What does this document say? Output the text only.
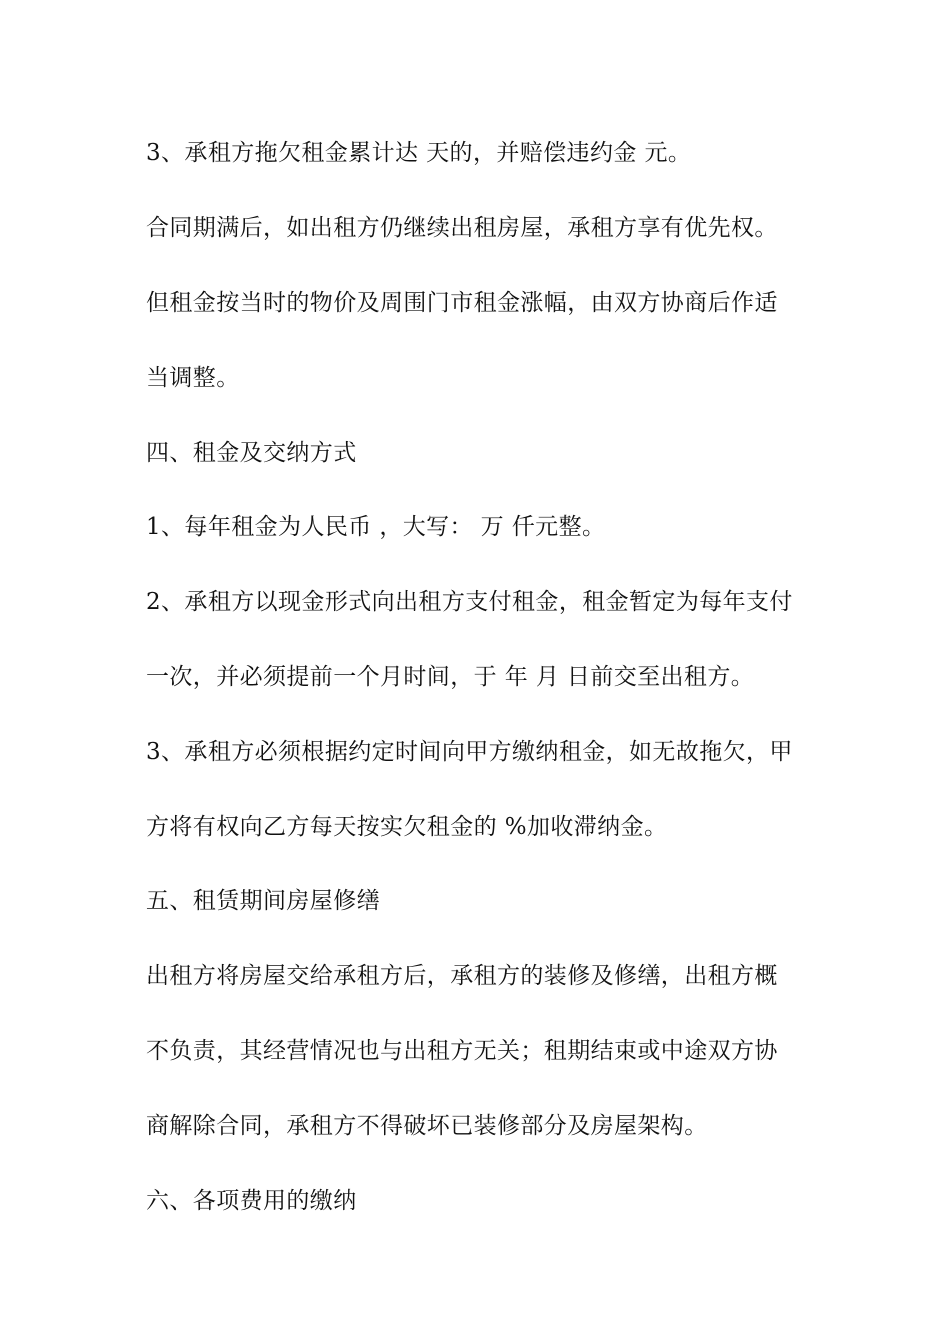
3、承租方拖欠租金累计达 天的，并赔偿违约金 元。
合同期满后，如出租方仍继续出租房屋，承租方享有优先权。
但租金按当时的物价及周围门市租金涨幅，由双方协商后作适
当调整。
四、租金及交纳方式
1、每年租金为人民币 ，大写： 万 仟元整。
2、承租方以现金形式向出租方支付租金，租金暂定为每年支付
一次，并必须提前一个月时间，于 年 月 日前交至出租方。
3、承租方必须根据约定时间向甲方缴纳租金，如无故拖欠，甲
方将有权向乙方每天按实欠租金的 %加收滞纳金。
五、租赁期间房屋修缮
出租方将房屋交给承租方后，承租方的装修及修缮，出租方概
不负责，其经营情况也与出租方无关；租期结束或中途双方协
商解除合同，承租方不得破坏已装修部分及房屋架构。
六、各项费用的缴纳
